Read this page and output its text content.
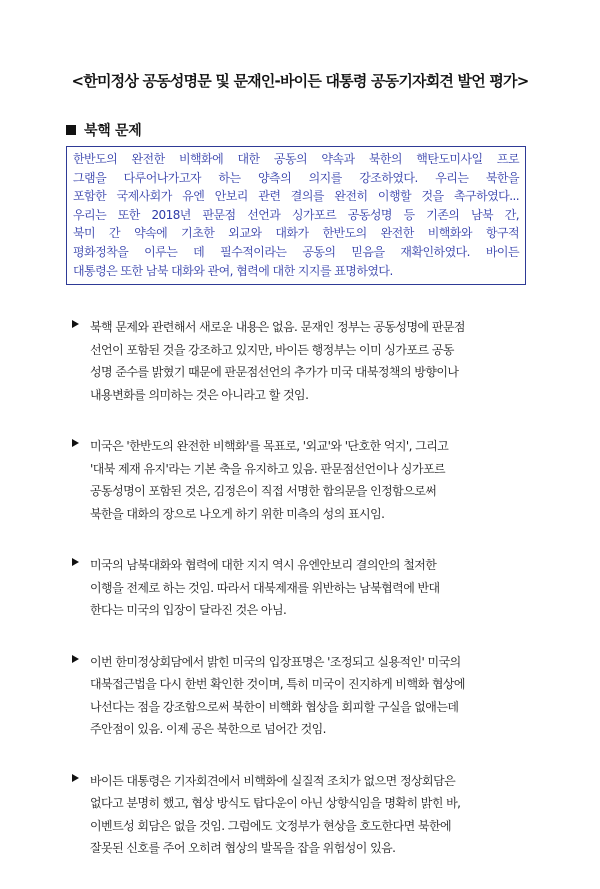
<한미정상 공동성명문 및 문재인-바이든 대통령 공동기자회견 발언 평가>
북핵 문제
한반도의 완전한 비핵화에 대한 공동의 약속과 북한의 핵탄도미사일 프로
그램을 다루어나가고자 하는 양측의 의지를 강조하였다. 우리는 북한을
포함한 국제사회가 유엔 안보리 관련 결의를 완전히 이행할 것을 촉구하였다...
우리는 또한 2018년 판문점 선언과 싱가포르 공동성명 등 기존의 남북 간,
북미 간 약속에 기초한 외교와 대화가 한반도의 완전한 비핵화와 항구적
평화정착을 이루는 데 필수적이라는 공동의 믿음을 재확인하였다. 바이든
대통령은 또한 남북 대화와 관여, 협력에 대한 지지를 표명하였다.
북핵 문제와 관련해서 새로운 내용은 없음. 문재인 정부는 공동성명에 판문점
선언이 포함된 것을 강조하고 있지만, 바이든 행정부는 이미 싱가포르 공동
성명 준수를 밝혔기 때문에 판문점선언의 추가가 미국 대북정책의 방향이나
내용변화를 의미하는 것은 아니라고 할 것임.
미국은 '한반도의 완전한 비핵화'를 목표로, '외교'와 '단호한 억지', 그리고
'대북 제재 유지'라는 기본 축을 유지하고 있음. 판문점선언이나 싱가포르
공동성명이 포함된 것은, 김정은이 직접 서명한 합의문을 인정함으로써
북한을 대화의 장으로 나오게 하기 위한 미측의 성의 표시임.
미국의 남북대화와 협력에 대한 지지 역시 유엔안보리 결의안의 철저한
이행을 전제로 하는 것임. 따라서 대북제재를 위반하는 남북협력에 반대
한다는 미국의 입장이 달라진 것은 아님.
이번 한미정상회담에서 밝힌 미국의 입장표명은 '조정되고 실용적인' 미국의
대북접근법을 다시 한번 확인한 것이며, 특히 미국이 진지하게 비핵화 협상에
나선다는 점을 강조함으로써 북한이 비핵화 협상을 회피할 구실을 없애는데
주안점이 있음. 이제 공은 북한으로 넘어간 것임.
바이든 대통령은 기자회견에서 비핵화에 실질적 조치가 없으면 정상회담은
없다고 분명히 했고, 협상 방식도 탑다운이 아닌 상향식임을 명확히 밝힌 바,
이벤트성 회담은 없을 것임. 그럼에도 文정부가 현상을 호도한다면 북한에
잘못된 신호를 주어 오히려 협상의 발목을 잡을 위험성이 있음.
